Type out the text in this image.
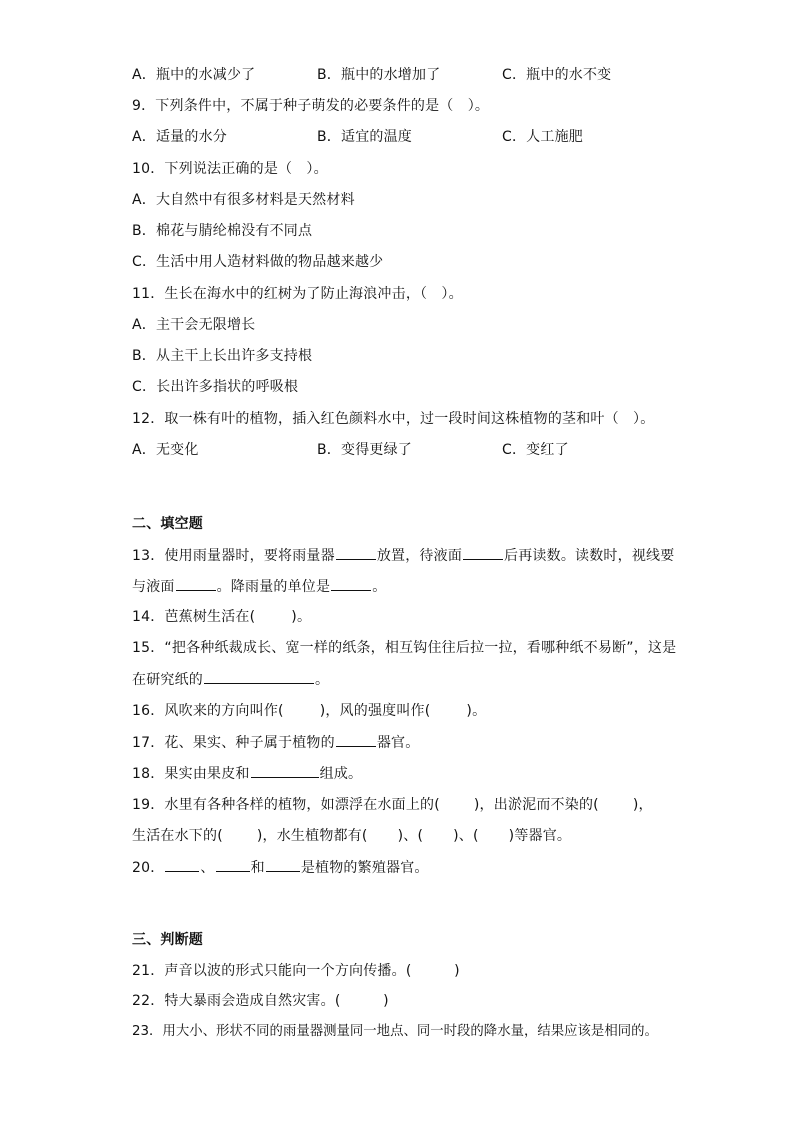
A．瓶中的水减少了	B．瓶中的水增加了	C．瓶中的水不变
9．下列条件中，不属于种子萌发的必要条件的是（　）。
A．适量的水分	B．适宜的温度	C．人工施肥
10．下列说法正确的是（　）。
A．大自然中有很多材料是天然材料
B．棉花与腈纶棉没有不同点
C．生活中用人造材料做的物品越来越少
11．生长在海水中的红树为了防止海浪冲击，（　）。
A．主干会无限增长
B．从主干上长出许多支持根
C．长出许多指状的呼吸根
12．取一株有叶的植物，插入红色颜料水中，过一段时间这株植物的茎和叶（　）。
A．无变化	B．变得更绿了	C．变红了
二、填空题
13．使用雨量器时，要将雨量器	放置，待液面	后再读数。读数时，视线要
与液面	。降雨量的单位是	。
14．芭蕉树生活在(	)。
15．“把各种纸裁成长、宽一样的纸条，相互钩住往后拉一拉，看哪种纸不易断”，这是
在研究纸的	。
16．风吹来的方向叫作(	)，风的强度叫作(	)。
17．花、果实、种子属于植物的	器官。
18．果实由果皮和	组成。
19．水里有各种各样的植物，如漂浮在水面上的( )，出淤泥而不染的( )，
生活在水下的( )，水生植物都有( )、( )、( )等器官。
20．	、	和	是植物的繁殖器官。
三、判断题
21．声音以波的形式只能向一个方向传播。(　　　)
22．特大暴雨会造成自然灾害。(　　　)
23．用大小、形状不同的雨量器测量同一地点、同一时段的降水量，结果应该是相同的。
